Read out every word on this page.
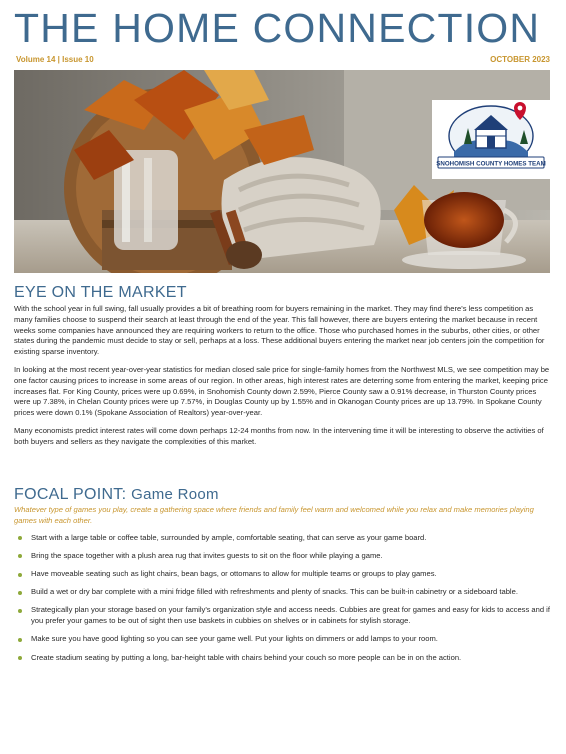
THE HOME CONNECTION
Volume 14 | Issue 10	OCTOBER 2023
SNOHOMISH COUNTY HOMES TEAM
EYE ON THE MARKET

With the school year in full swing, fall usually provides a bit of breathing room for buyers remaining in the market. They may find there's less competition as many families choose to suspend their search at least through the end of the year. This fall however, there are buyers entering the market because in recent weeks some companies have announced they are requiring workers to return to the office. Those who purchased homes in the suburbs, other cities, or other states during the pandemic must decide to stay or sell, perhaps at a loss. These additional buyers entering the market near job centers join the competition for existing sparse inventory.

In looking at the most recent year-over-year statistics for median closed sale price for single-family homes from the Northwest MLS, we see competition may be one factor causing prices to increase in some areas of our region. In other areas, high interest rates are deterring some from entering the market, keeping price increases flat. For King County, prices were up 0.69%, in Snohomish County down 2.59%, Pierce County saw a 0.91% decrease, in Thurston County prices were up 7.38%, in Chelan County prices were up 7.57%, in Douglas County up by 1.55% and in Okanogan County prices are up 13.79%. In Spokane County prices were down 0.1% (Spokane Association of Realtors) year-over-year.

Many economists predict interest rates will come down perhaps 12-24 months from now. In the intervening time it will be interesting to observe the activities of both buyers and sellers as they navigate the complexities of this market.

FOCAL POINT: Game Room

Whatever type of games you play, create a gathering space where friends and family feel warm and welcomed while you relax and make memories playing games with each other.

Start with a large table or coffee table, surrounded by ample, comfortable seating, that can serve as your game board.
Bring the space together with a plush area rug that invites guests to sit on the floor while playing a game.
Have moveable seating such as light chairs, bean bags, or ottomans to allow for multiple teams or groups to play games.
Build a wet or dry bar complete with a mini fridge filled with refreshments and plenty of snacks. This can be built-in cabinetry or a sideboard table.
Strategically plan your storage based on your family's organization style and access needs. Cubbies are great for games and easy for kids to access and if you prefer your games to be out of sight then use baskets in cubbies on shelves or in cabinets for stylish storage.
Make sure you have good lighting so you can see your game well. Put your lights on dimmers or add lamps to your room.
Create stadium seating by putting a long, bar-height table with chairs behind your couch so more people can be in on the action.
